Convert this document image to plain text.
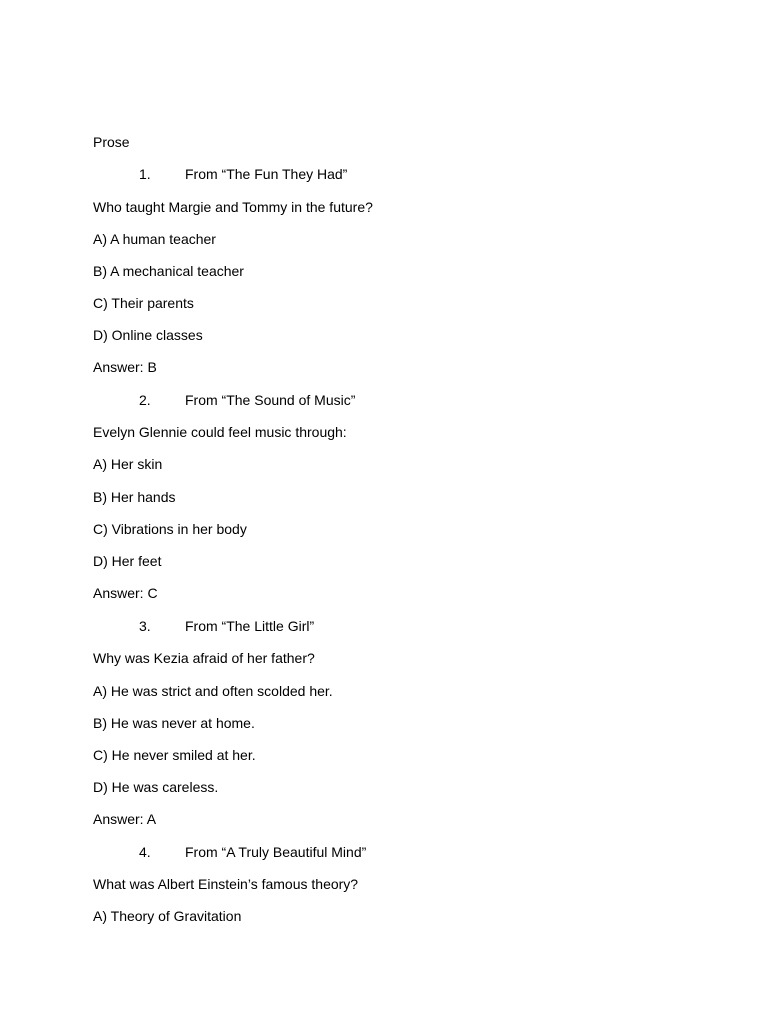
Prose
1. From “The Fun They Had”
Who taught Margie and Tommy in the future?
A) A human teacher
B) A mechanical teacher
C) Their parents
D) Online classes
Answer: B
2. From “The Sound of Music”
Evelyn Glennie could feel music through:
A) Her skin
B) Her hands
C) Vibrations in her body
D) Her feet
Answer: C
3. From “The Little Girl”
Why was Kezia afraid of her father?
A) He was strict and often scolded her.
B) He was never at home.
C) He never smiled at her.
D) He was careless.
Answer: A
4. From “A Truly Beautiful Mind”
What was Albert Einstein’s famous theory?
A) Theory of Gravitation
